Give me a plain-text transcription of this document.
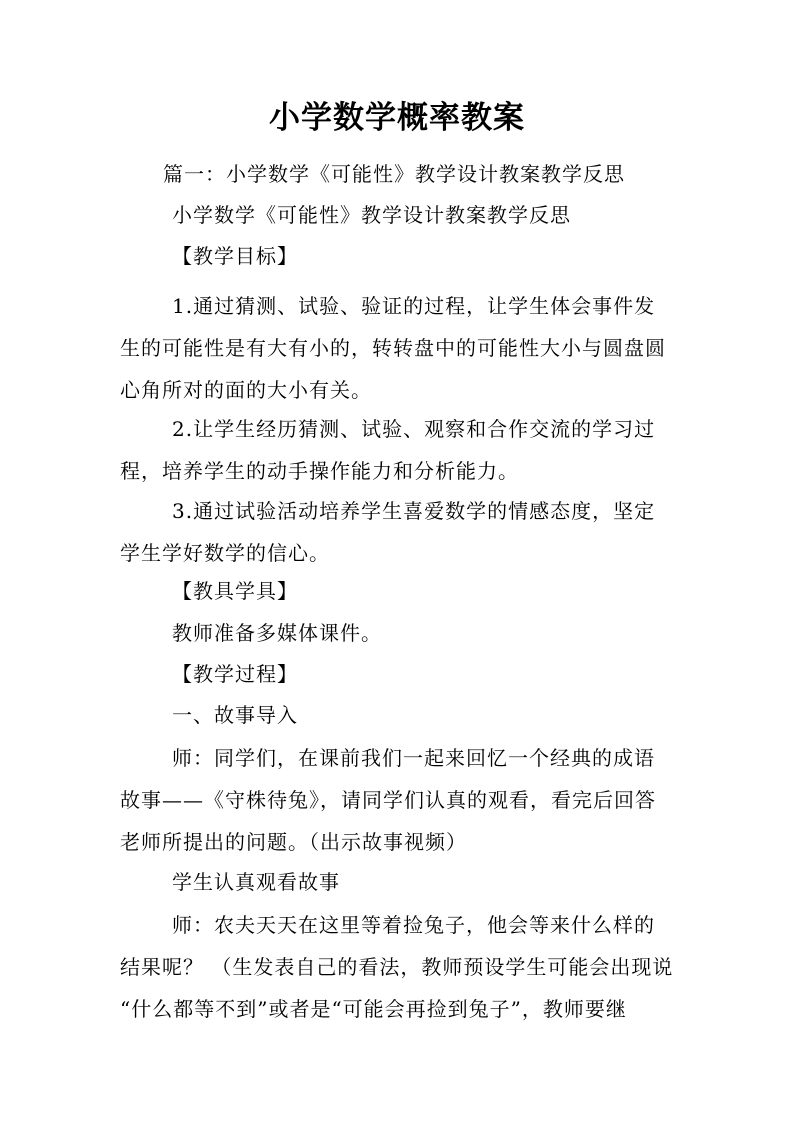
小学数学概率教案
篇一：小学数学《可能性》教学设计教案教学反思
小学数学《可能性》教学设计教案教学反思
【教学目标】
1.通过猜测、试验、验证的过程，让学生体会事件发
生的可能性是有大有小的，转转盘中的可能性大小与圆盘圆
心角所对的面的大小有关。
2.让学生经历猜测、试验、观察和合作交流的学习过
程，培养学生的动手操作能力和分析能力。
3.通过试验活动培养学生喜爱数学的情感态度，坚定
学生学好数学的信心。
【教具学具】
教师准备多媒体课件。
【教学过程】
一、故事导入
师：同学们，在课前我们一起来回忆一个经典的成语
故事——《守株待兔》，请同学们认真的观看，看完后回答
老师所提出的问题。（出示故事视频）
学生认真观看故事
师：农夫天天在这里等着捡兔子，他会等来什么样的
结果呢？ （生发表自己的看法，教师预设学生可能会出现说
“什么都等不到”或者是“可能会再捡到兔子”，教师要继
